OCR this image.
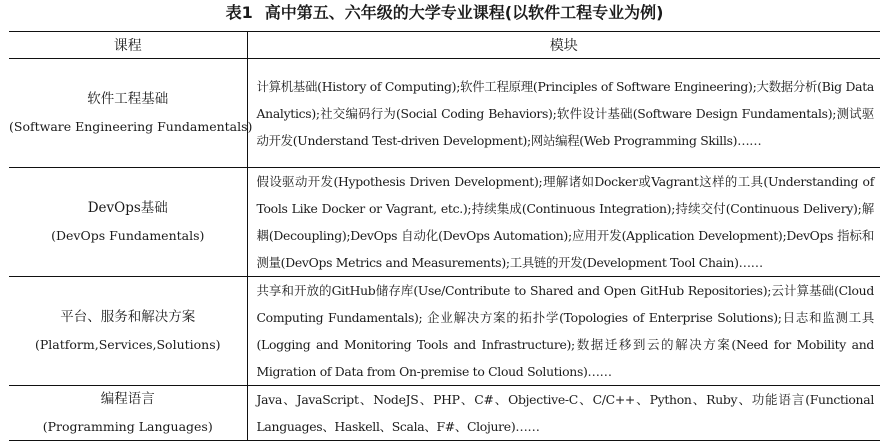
表1 高中第五、六年级的大学专业课程(以软件工程专业为例)
课程	模块

软件工程基础
(Software Engineering Fundamentals)	计算机基础(History of Computing);软件工程原理(Principles of Software Engineering);大数据分析(Big Data Analytics);社交编码行为(Social Coding Behaviors);软件设计基础(Software Design Fundamentals);测试驱动开发(Understand Test-driven Development);网站编程(Web Programming Skills)……

DevOps基础
(DevOps Fundamentals)	假设驱动开发(Hypothesis Driven Development);理解诸如Docker或Vagrant这样的工具(Understanding of Tools Like Docker or Vagrant, etc.);持续集成(Continuous Integration);持续交付(Continuous Delivery);解耦(Decoupling);DevOps 自动化(DevOps Automation);应用开发(Application Development);DevOps 指标和测量(DevOps Metrics and Measurements);工具链的开发(Development Tool Chain)……

平台、服务和解决方案
(Platform,Services,Solutions)	共享和开放的GitHub储存库(Use/Contribute to Shared and Open GitHub Repositories);云计算基础(Cloud Computing Fundamentals); 企业解决方案的拓扑学(Topologies of Enterprise Solutions);日志和监测工具(Logging and Monitoring Tools and Infrastructure);数据迁移到云的解决方案(Need for Mobility and Migration of Data from On-premise to Cloud Solutions)……

编程语言
(Programming Languages)	Java、JavaScript、NodeJS、PHP、C#、Objective-C、C/C++、Python、Ruby、功能语言(Functional Languages、Haskell、Scala、F#、Clojure)……
